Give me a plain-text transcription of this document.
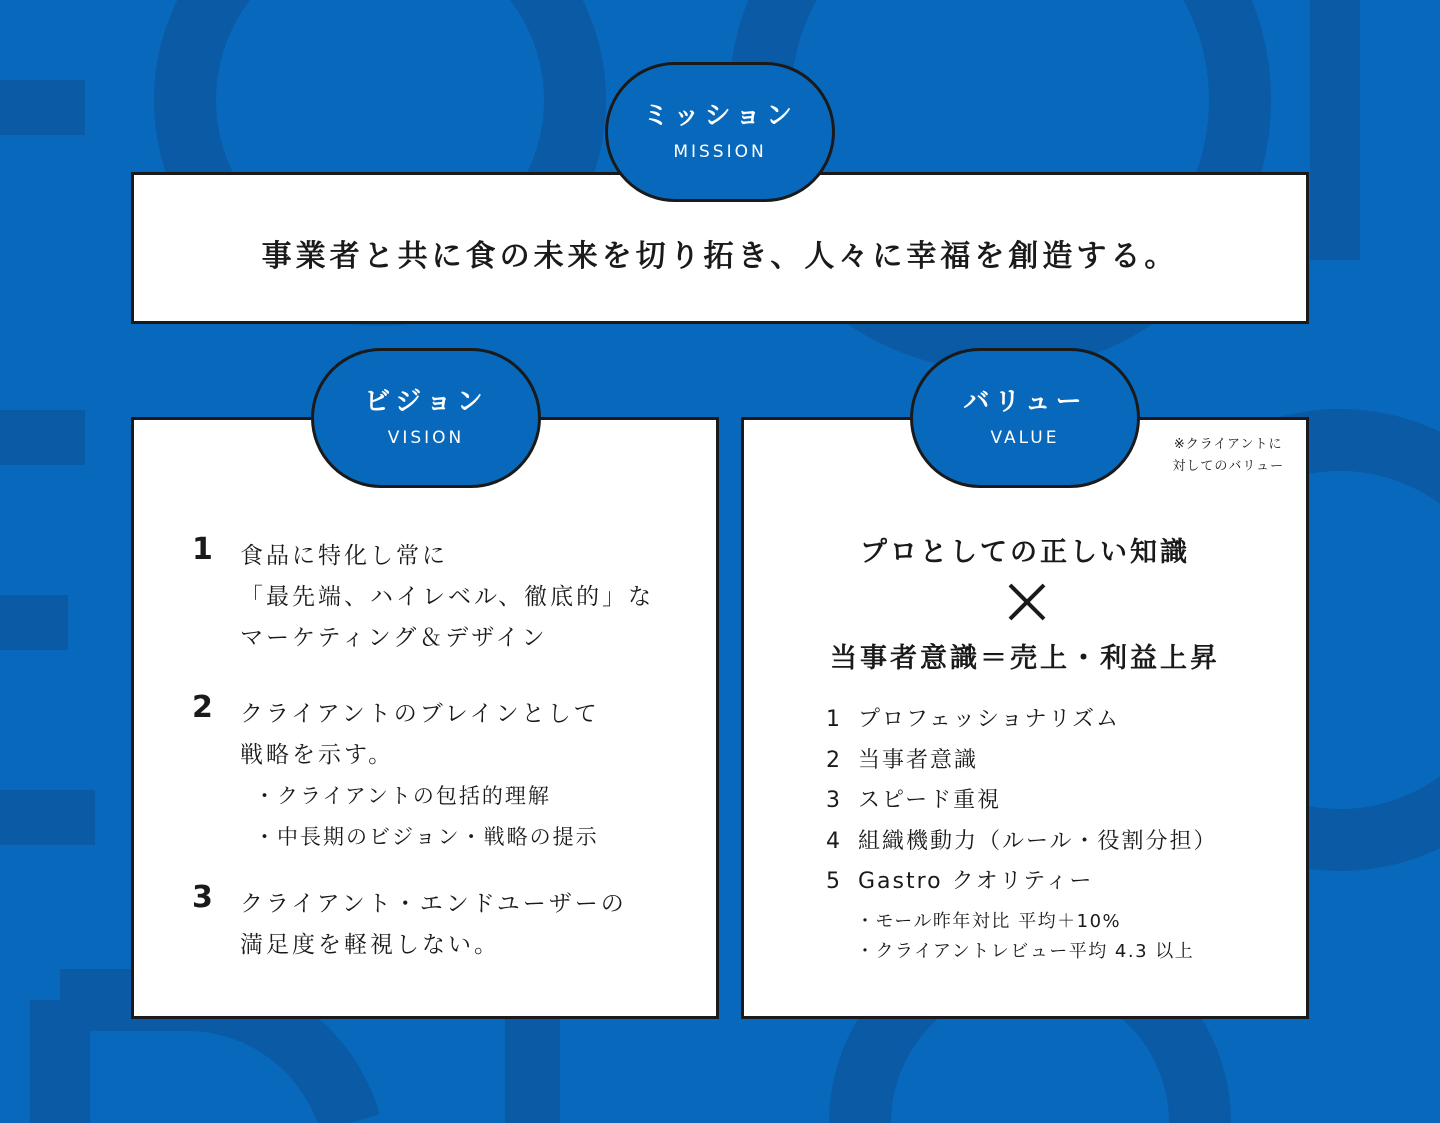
事業者と共に食の未来を切り拓き、人々に幸福を創造する。
ミッション
MISSION
1 食品に特化し常に
「最先端、ハイレベル、徹底的」な
マーケティング＆デザイン
2 クライアントのブレインとして
戦略を示す。
・クライアントの包括的理解
・中長期のビジョン・戦略の提示
3 クライアント・エンドユーザーの
満足度を軽視しない。
ビジョン
VISION	※クライアントに
対してのバリュー
プロとしての正しい知識
当事者意識＝売上・利益上昇
1 プロフェッショナリズム
2 当事者意識
3 スピード重視
4 組織機動力（ルール・役割分担）
5 Gastro クオリティー
・モール昨年対比 平均＋10%
・クライアントレビュー平均 4.3 以上
バリュー
VALUE
